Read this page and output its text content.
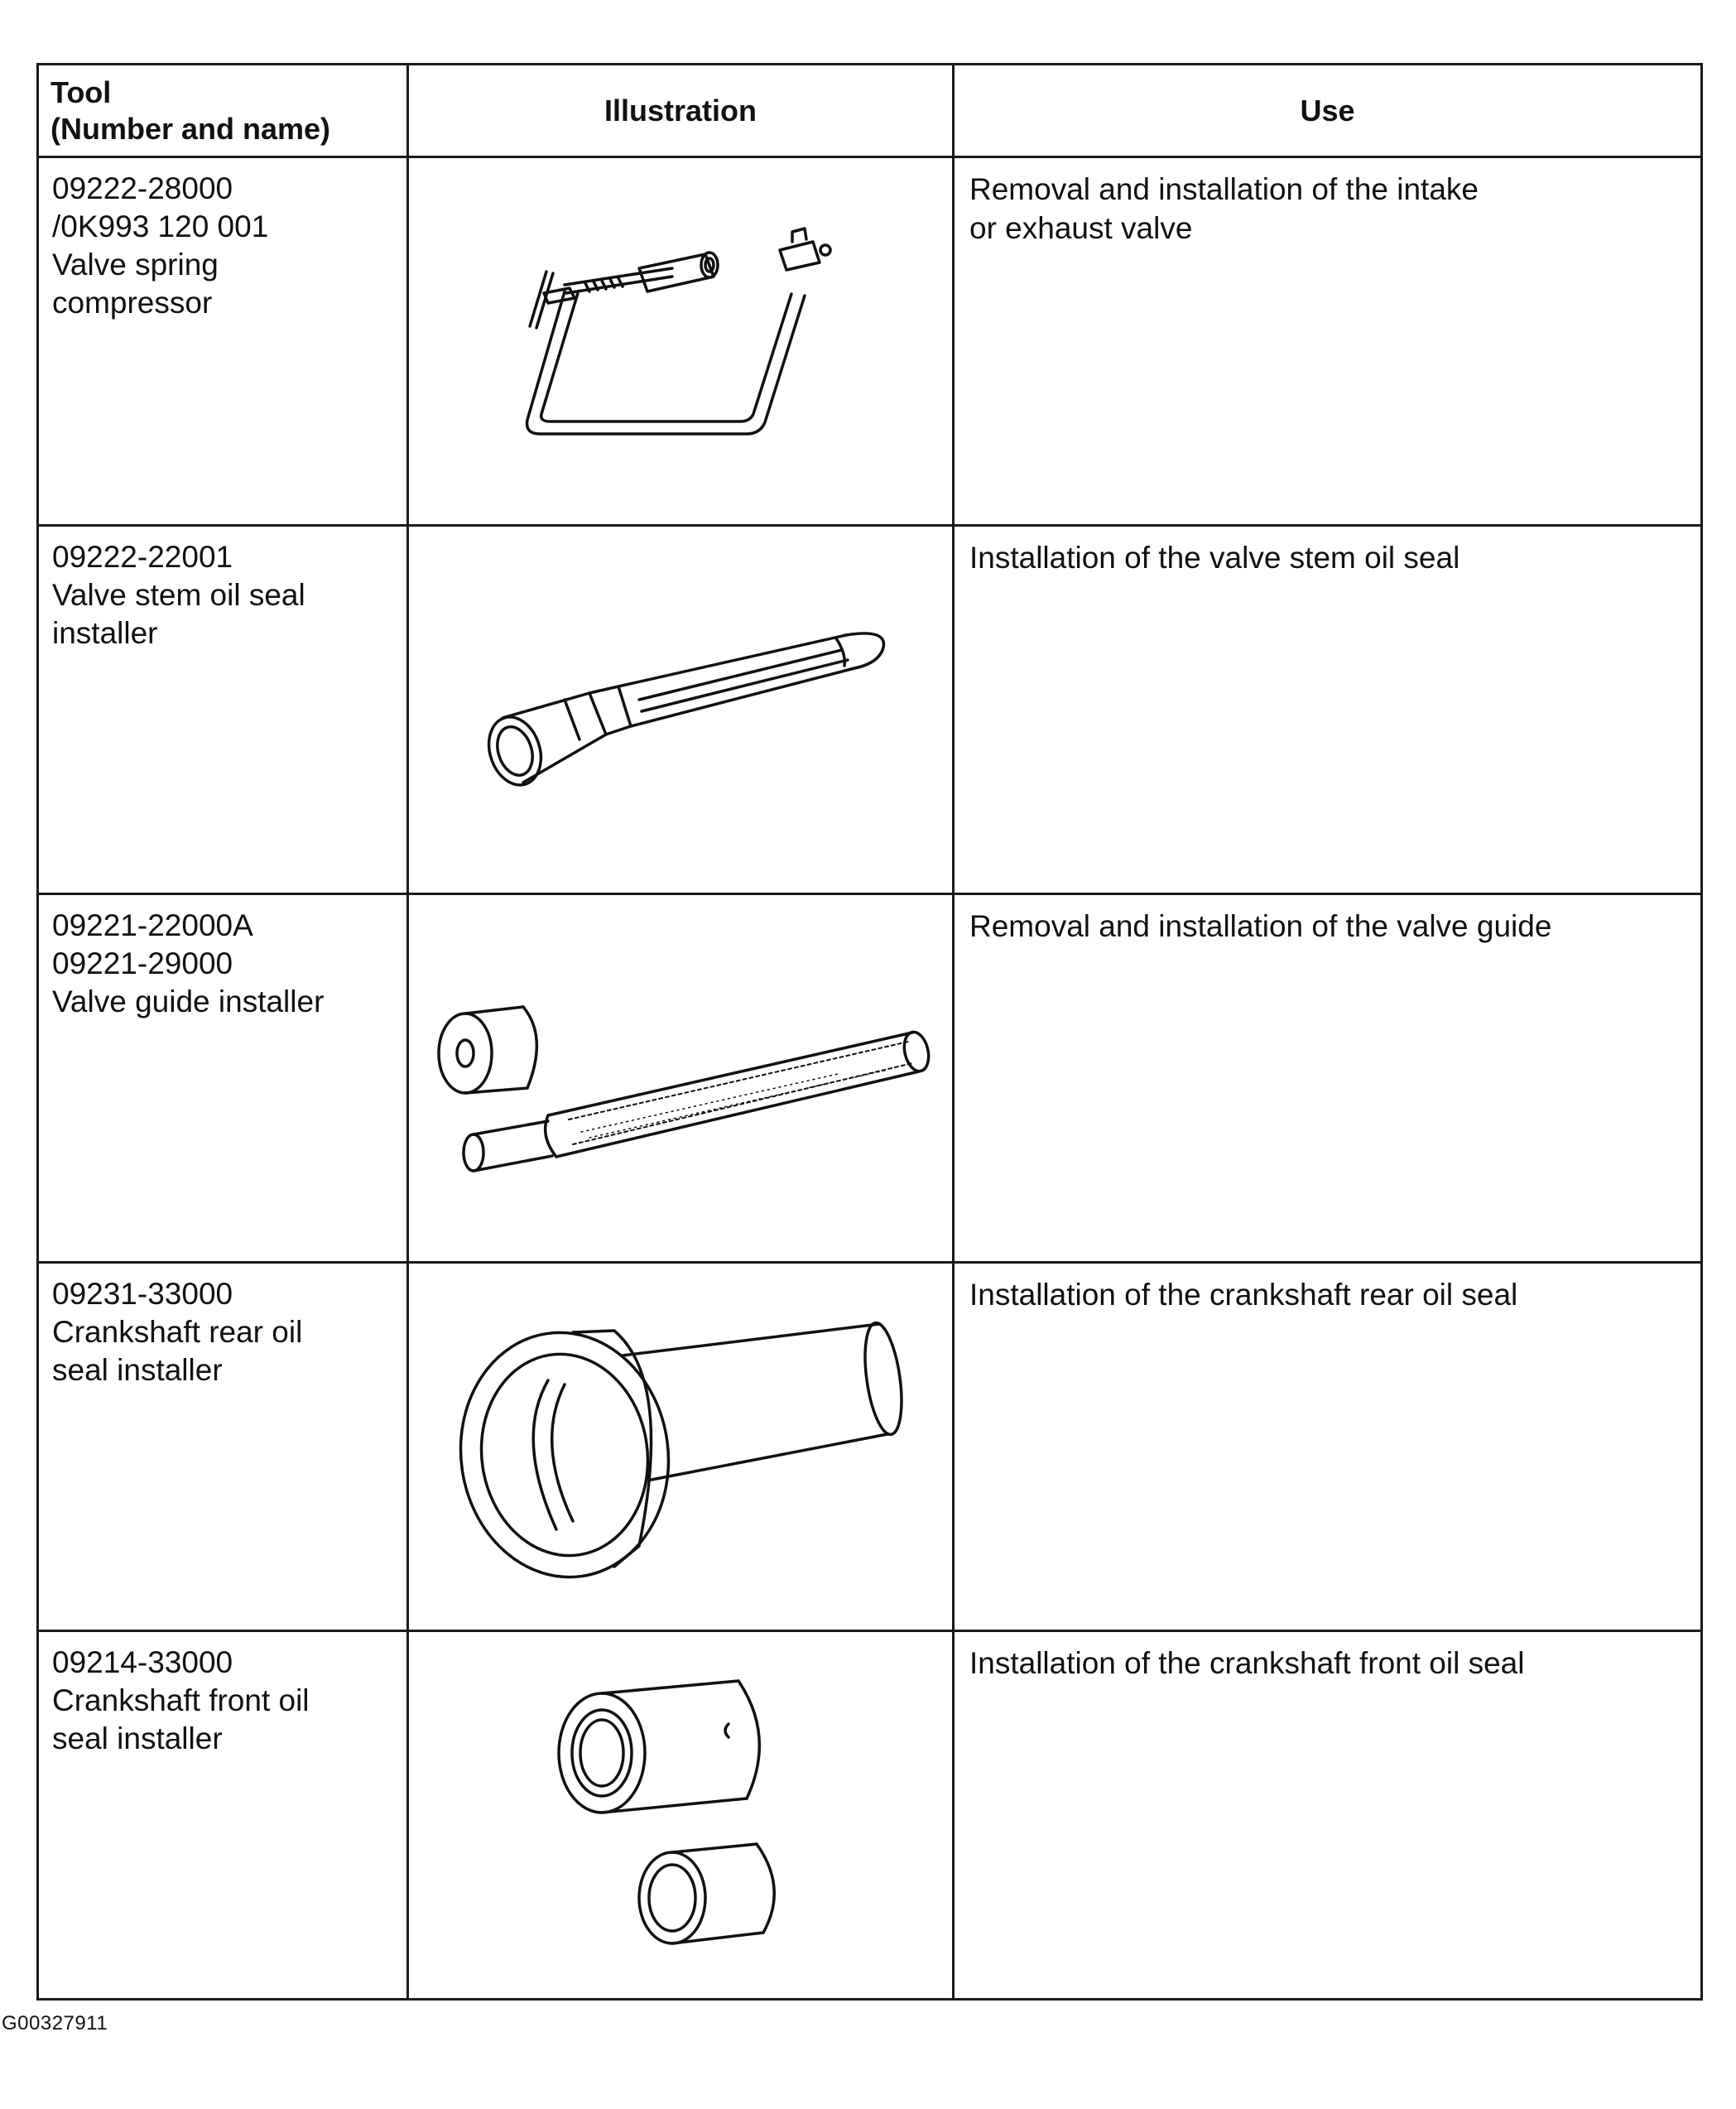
Tool
(Number and name)	Illustration	Use

09222-28000
/0K993 120 001
Valve spring
compressor		Removal and installation of the intake
or exhaust valve

09222-22001
Valve stem oil seal
installer		Installation of the valve stem oil seal

09221-22000A
09221-29000
Valve guide installer		Removal and installation of the valve guide

09231-33000
Crankshaft rear oil
seal installer		Installation of the crankshaft rear oil seal

09214-33000
Crankshaft front oil
seal installer		Installation of the crankshaft front oil seal
G00327911
